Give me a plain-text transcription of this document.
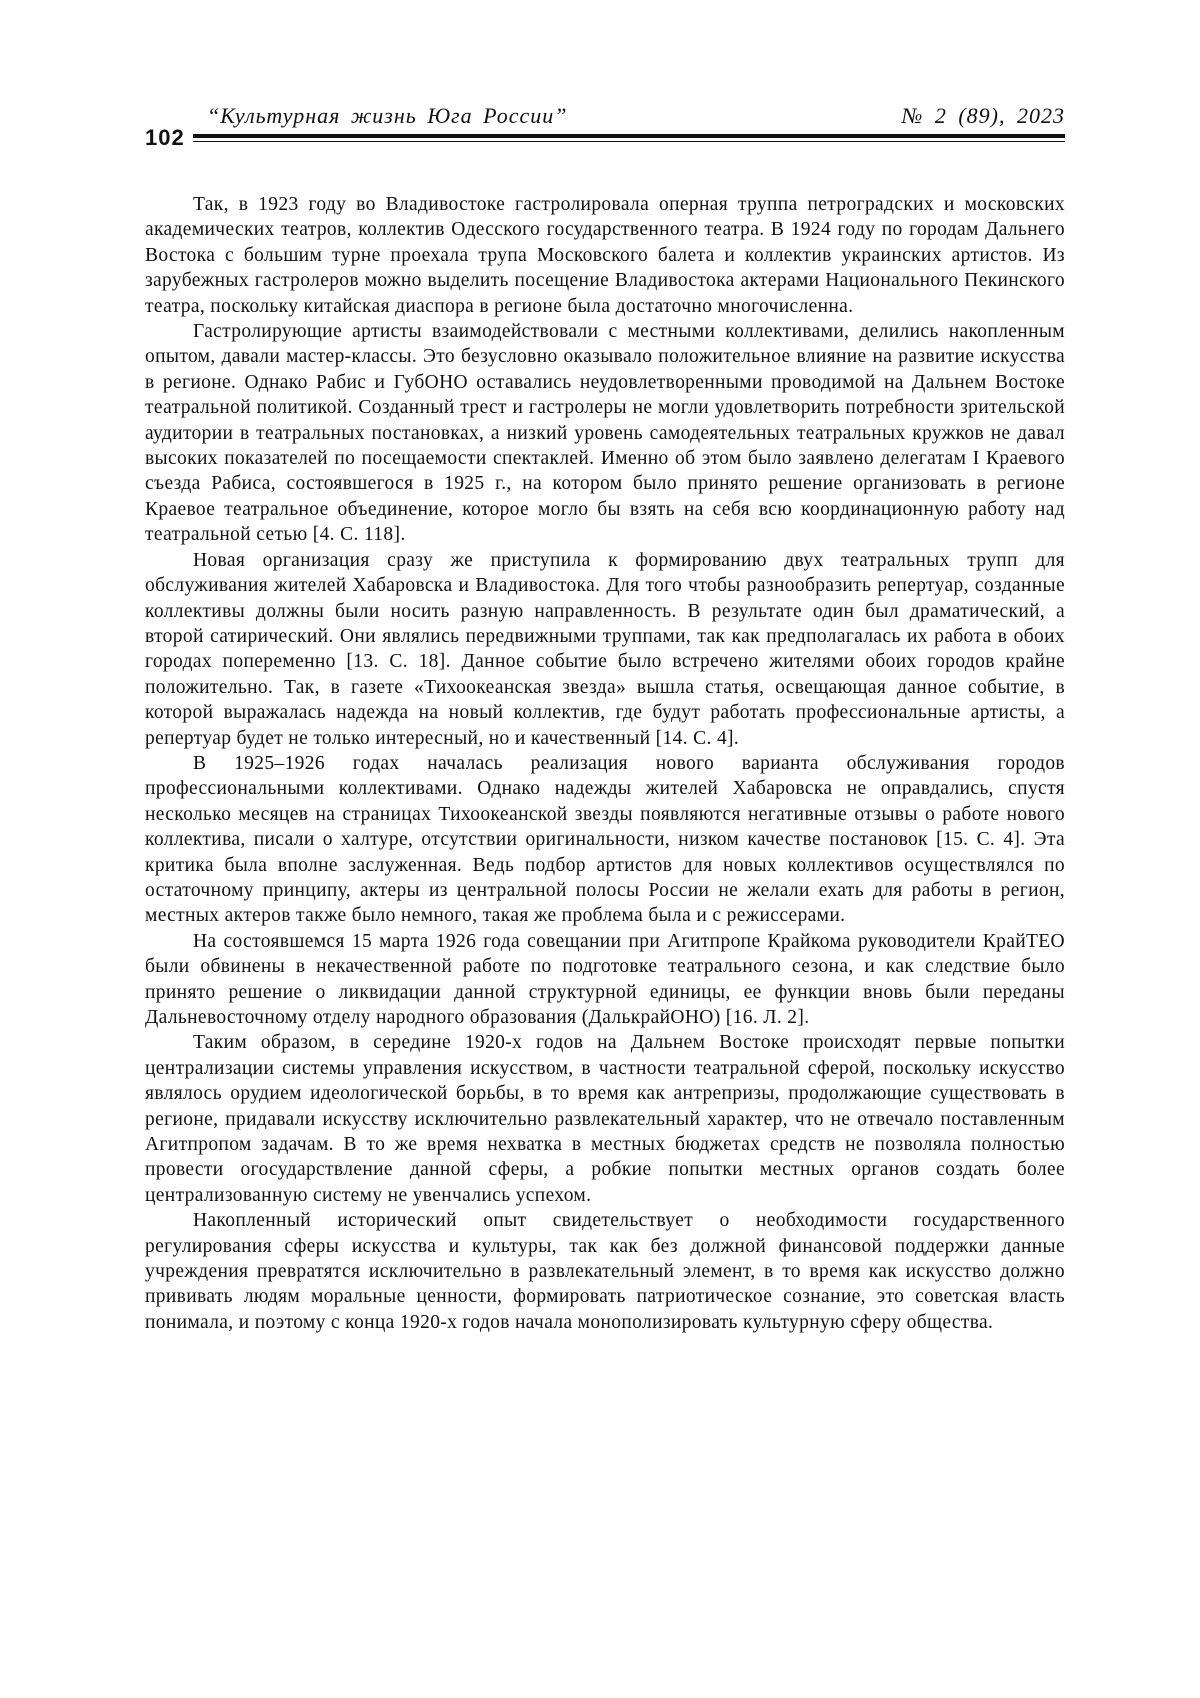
102
“Культурная жизнь Юга России”	№ 2 (89), 2023

Так, в 1923 году во Владивостоке гастролировала оперная труппа петроградских и московских академических театров, коллектив Одесского государственного театра. В 1924 году по городам Дальнего Востока с большим турне проехала трупа Московского балета и коллектив украинских артистов. Из зарубежных гастролеров можно выделить посещение Владивостока актерами Национального Пекинского театра, поскольку китайская диаспора в регионе была достаточно многочисленна.

Гастролирующие артисты взаимодействовали с местными коллективами, делились накопленным опытом, давали мастер-классы. Это безусловно оказывало положительное влияние на развитие искусства в регионе. Однако Рабис и ГубОНО оставались неудовлетворенными проводимой на Дальнем Востоке театральной политикой. Созданный трест и гастролеры не могли удовлетворить потребности зрительской аудитории в театральных постановках, а низкий уровень самодеятельных театральных кружков не давал высоких показателей по посещаемости спектаклей. Именно об этом было заявлено делегатам I Краевого съезда Рабиса, состоявшегося в 1925 г., на котором было принято решение организовать в регионе Краевое театральное объединение, которое могло бы взять на себя всю координационную работу над театральной сетью [4. С. 118].

Новая организация сразу же приступила к формированию двух театральных трупп для обслуживания жителей Хабаровска и Владивостока. Для того чтобы разнообразить репертуар, созданные коллективы должны были носить разную направленность. В результате один был драматический, а второй сатирический. Они являлись передвижными труппами, так как предполагалась их работа в обоих городах попеременно [13. С. 18]. Данное событие было встречено жителями обоих городов крайне положительно. Так, в газете «Тихоокеанская звезда» вышла статья, освещающая данное событие, в которой выражалась надежда на новый коллектив, где будут работать профессиональные артисты, а репертуар будет не только интересный, но и качественный [14. С. 4].

В 1925–1926 годах началась реализация нового варианта обслуживания городов профессиональными коллективами. Однако надежды жителей Хабаровска не оправдались, спустя несколько месяцев на страницах Тихоокеанской звезды появляются негативные отзывы о работе нового коллектива, писали о халтуре, отсутствии оригинальности, низком качестве постановок [15. С. 4]. Эта критика была вполне заслуженная. Ведь подбор артистов для новых коллективов осуществлялся по остаточному принципу, актеры из центральной полосы России не желали ехать для работы в регион, местных актеров также было немного, такая же проблема была и с режиссерами.

На состоявшемся 15 марта 1926 года совещании при Агитпропе Крайкома руководители КрайТЕО были обвинены в некачественной работе по подготовке театрального сезона, и как следствие было принято решение о ликвидации данной структурной единицы, ее функции вновь были переданы Дальневосточному отделу народного образования (ДалькрайОНО) [16. Л. 2].

Таким образом, в середине 1920-х годов на Дальнем Востоке происходят первые попытки централизации системы управления искусством, в частности театральной сферой, поскольку искусство являлось орудием идеологической борьбы, в то время как антрепризы, продолжающие существовать в регионе, придавали искусству исключительно развлекательный характер, что не отвечало поставленным Агитпропом задачам. В то же время нехватка в местных бюджетах средств не позволяла полностью провести огосударствление данной сферы, а робкие попытки местных органов создать более централизованную систему не увенчались успехом.

Накопленный исторический опыт свидетельствует о необходимости государственного регулирования сферы искусства и культуры, так как без должной финансовой поддержки данные учреждения превратятся исключительно в развлекательный элемент, в то время как искусство должно прививать людям моральные ценности, формировать патриотическое сознание, это советская власть понимала, и поэтому с конца 1920-х годов начала монополизировать культурную сферу общества.
